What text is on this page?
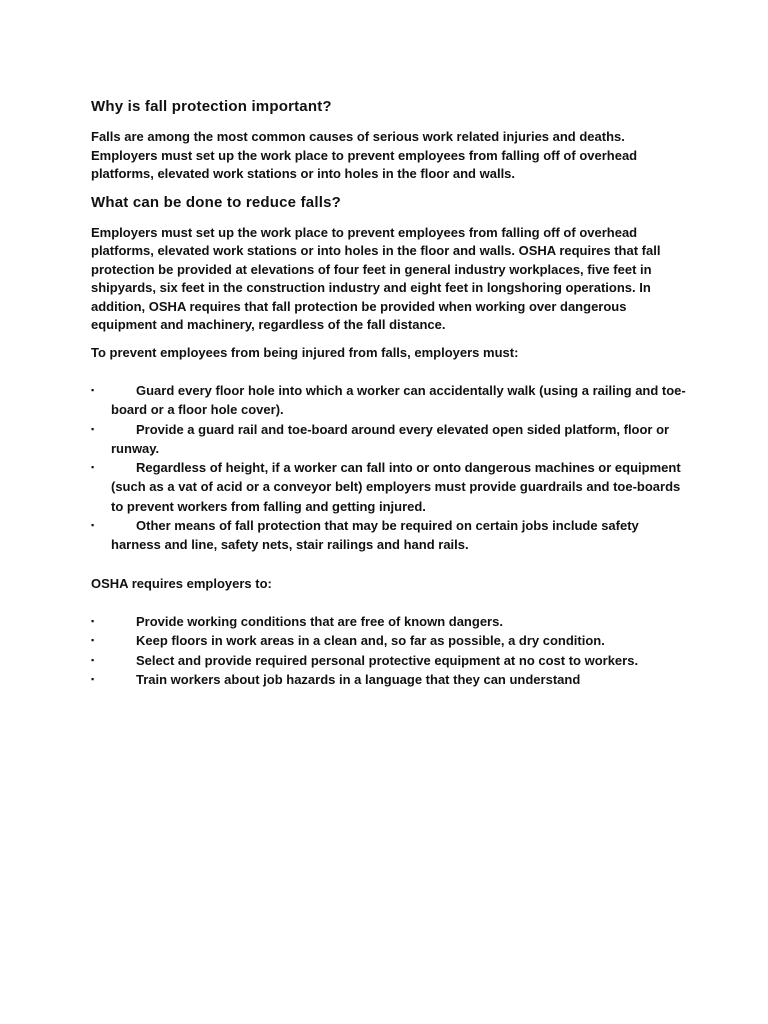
Why is fall protection important?

Falls are among the most common causes of serious work related injuries and deaths. Employers must set up the work place to prevent employees from falling off of overhead platforms, elevated work stations or into holes in the floor and walls.

What can be done to reduce falls?

Employers must set up the work place to prevent employees from falling off of overhead platforms, elevated work stations or into holes in the floor and walls. OSHA requires that fall protection be provided at elevations of four feet in general industry workplaces, five feet in shipyards, six feet in the construction industry and eight feet in longshoring operations. In addition, OSHA requires that fall protection be provided when working over dangerous equipment and machinery, regardless of the fall distance.

To prevent employees from being injured from falls, employers must:

▪	Guard every floor hole into which a worker can accidentally walk (using a railing and toe-board or a floor hole cover).
▪	Provide a guard rail and toe-board around every elevated open sided platform, floor or runway.
▪	Regardless of height, if a worker can fall into or onto dangerous machines or equipment (such as a vat of acid or a conveyor belt) employers must provide guardrails and toe-boards to prevent workers from falling and getting injured.
▪	Other means of fall protection that may be required on certain jobs include safety harness and line, safety nets, stair railings and hand rails.

OSHA requires employers to:

▪	Provide working conditions that are free of known dangers.
▪	Keep floors in work areas in a clean and, so far as possible, a dry condition.
▪	Select and provide required personal protective equipment at no cost to workers.
▪	Train workers about job hazards in a language that they can understand
